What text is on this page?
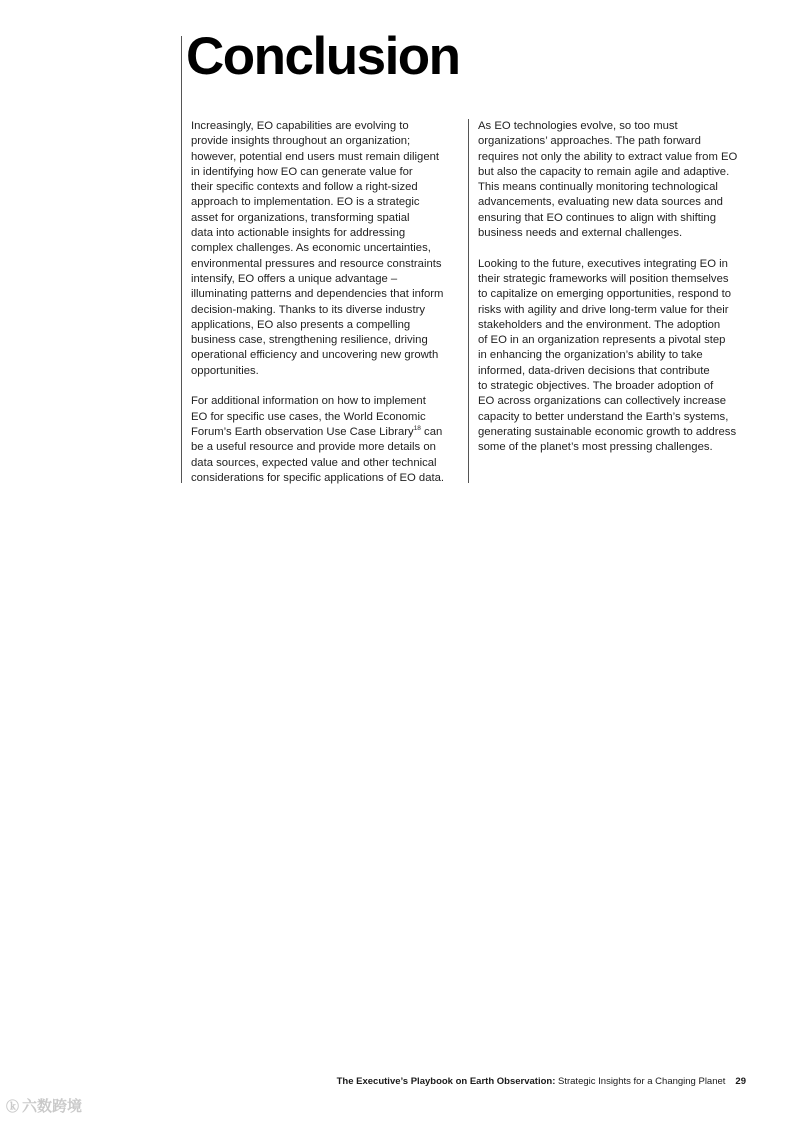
Conclusion

Increasingly, EO capabilities are evolving to
provide insights throughout an organization;
however, potential end users must remain diligent
in identifying how EO can generate value for
their specific contexts and follow a right-sized
approach to implementation. EO is a strategic
asset for organizations, transforming spatial
data into actionable insights for addressing
complex challenges. As economic uncertainties,
environmental pressures and resource constraints
intensify, EO offers a unique advantage –
illuminating patterns and dependencies that inform
decision-making. Thanks to its diverse industry
applications, EO also presents a compelling
business case, strengthening resilience, driving
operational efficiency and uncovering new growth
opportunities.

For additional information on how to implement
EO for specific use cases, the World Economic
Forum’s Earth observation Use Case Library$^{18}$ can
be a useful resource and provide more details on
data sources, expected value and other technical
considerations for specific applications of EO data.

As EO technologies evolve, so too must
organizations’ approaches. The path forward
requires not only the ability to extract value from EO
but also the capacity to remain agile and adaptive.
This means continually monitoring technological
advancements, evaluating new data sources and
ensuring that EO continues to align with shifting
business needs and external challenges.

Looking to the future, executives integrating EO in
their strategic frameworks will position themselves
to capitalize on emerging opportunities, respond to
risks with agility and drive long-term value for their
stakeholders and the environment. The adoption
of EO in an organization represents a pivotal step
in enhancing the organization’s ability to take
informed, data-driven decisions that contribute
to strategic objectives. The broader adoption of
EO across organizations can collectively increase
capacity to better understand the Earth’s systems,
generating sustainable economic growth to address
some of the planet’s most pressing challenges.

The Executive’s Playbook on Earth Observation: Strategic Insights for a Changing Planet 29
ⓚ 六数跨境
